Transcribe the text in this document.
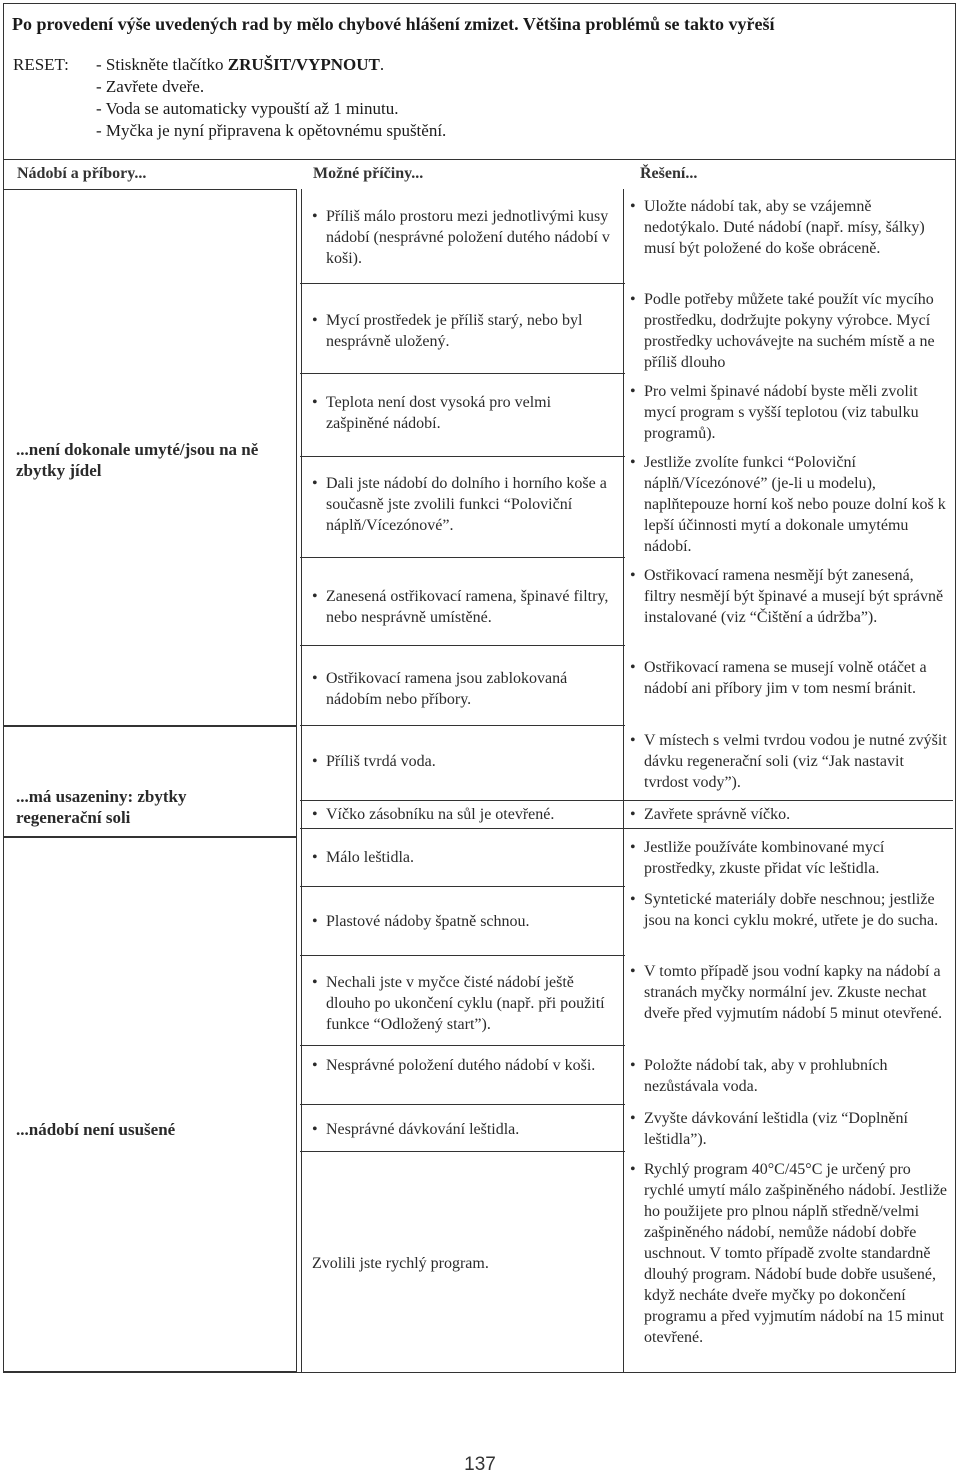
Po provedení výše uvedených rad by mělo chybové hlášení zmizet. Většina problémů se takto vyřeší
RESET: - Stiskněte tlačítko ZRUŠIT/VYPNOUT.
- Zavřete dveře.
- Voda se automaticky vypouští až 1 minutu.
- Myčka je nyní připravena k opětovnému spuštění.
Nádobí a příbory...	Možné příčiny...	Řešení...
...není dokonale umyté/jsou na ně zbytky jídel
...má usazeniny: zbytky regenerační soli
...nádobí není usušené
• Příliš málo prostoru mezi jednotlivými kusy nádobí (nesprávné položení dutého nádobí v koši).
• Mycí prostředek je příliš starý, nebo byl nesprávně uložený.
• Teplota není dost vysoká pro velmi zašpiněné nádobí.
• Dali jste nádobí do dolního i horního koše a současně jste zvolili funkci “Poloviční náplň/Vícezónové”.
• Zanesená ostřikovací ramena, špinavé filtry, nebo nesprávně umístěné.
• Ostřikovací ramena jsou zablokovaná nádobím nebo příbory.
• Příliš tvrdá voda.
• Víčko zásobníku na sůl je otevřené.
• Málo leštidla.
• Plastové nádoby špatně schnou.
• Nechali jste v myčce čisté nádobí ještě dlouho po ukončení cyklu (např. při použití funkce “Odložený start”).
• Nesprávné položení dutého nádobí v koši.
• Nesprávné dávkování leštidla.
Zvolili jste rychlý program.
• Uložte nádobí tak, aby se vzájemně nedotýkalo. Duté nádobí (např. mísy, šálky) musí být položené do koše obráceně.
• Podle potřeby můžete také použít víc mycího prostředku, dodržujte pokyny výrobce. Mycí prostředky uchovávejte na suchém místě a ne příliš dlouho
• Pro velmi špinavé nádobí byste měli zvolit mycí program s vyšší teplotou (viz tabulku programů).
• Jestliže zvolíte funkci “Poloviční náplň/Vícezónové” (je-li u modelu), naplňtepouze horní koš nebo pouze dolní koš k lepší účinnosti mytí a dokonale umytému nádobí.
• Ostřikovací ramena nesmějí být zanesená, filtry nesmějí být špinavé a musejí být správně instalované (viz “Čištění a údržba”).
• Ostřikovací ramena se musejí volně otáčet a nádobí ani příbory jim v tom nesmí bránit.
• V místech s velmi tvrdou vodou je nutné zvýšit dávku regenerační soli (viz “Jak nastavit tvrdost vody”).
• Zavřete správně víčko.
• Jestliže používáte kombinované mycí prostředky, zkuste přidat víc leštidla.
• Syntetické materiály dobře neschnou; jestliže jsou na konci cyklu mokré, utřete je do sucha.
• V tomto případě jsou vodní kapky na nádobí a stranách myčky normální jev. Zkuste nechat dveře před vyjmutím nádobí 5 minut otevřené.
• Položte nádobí tak, aby v prohlubních nezůstávala voda.
• Zvyšte dávkování leštidla (viz “Doplnění leštidla”).
• Rychlý program 40°C/45°C je určený pro rychlé umytí málo zašpiněného nádobí. Jestliže ho použijete pro plnou náplň středně/velmi zašpiněného nádobí, nemůže nádobí dobře uschnout. V tomto případě zvolte standardně dlouhý program. Nádobí bude dobře usušené, když necháte dveře myčky po dokončení programu a před vyjmutím nádobí na 15 minut otevřené.
137
